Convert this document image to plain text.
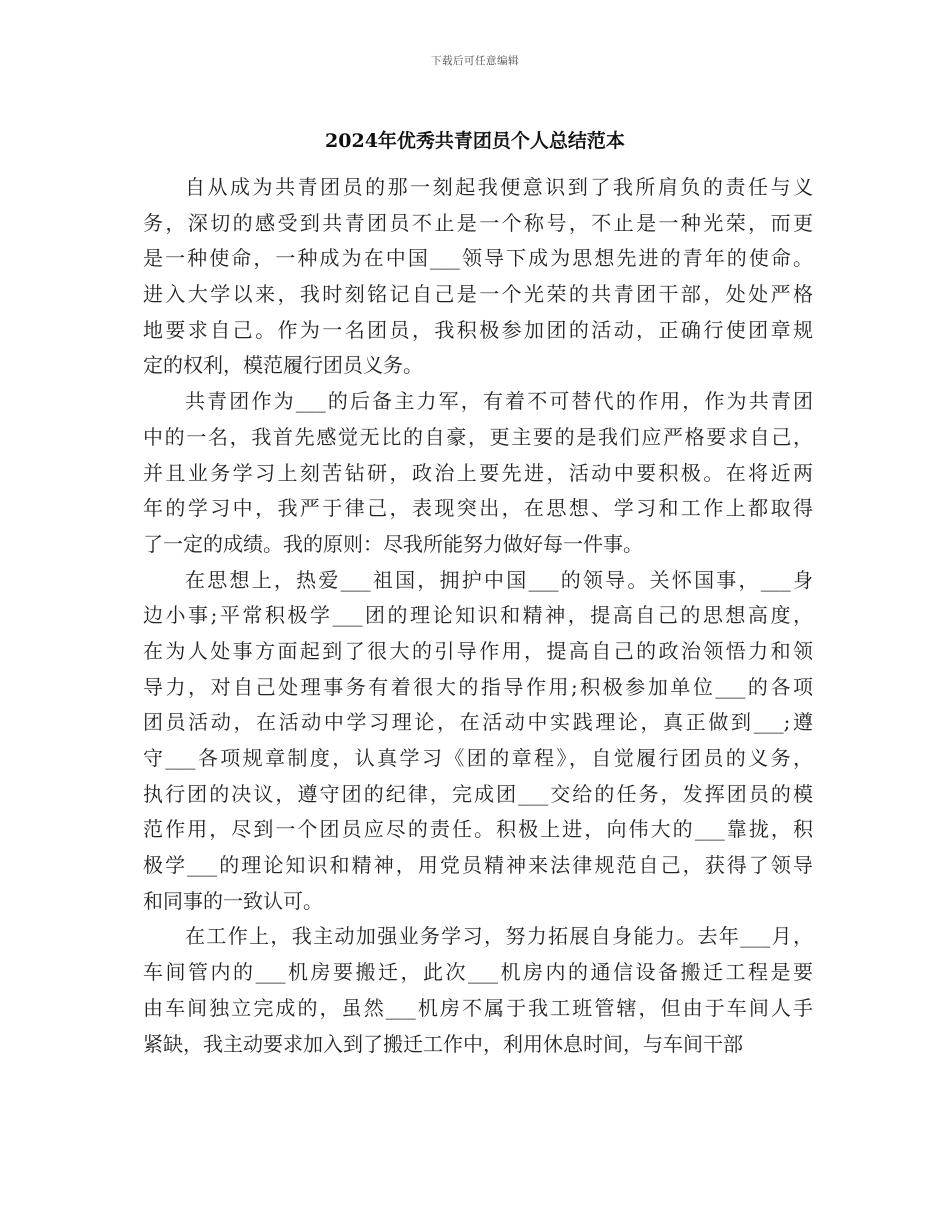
下载后可任意编辑
2024年优秀共青团员个人总结范本
自从成为共青团员的那一刻起我便意识到了我所肩负的责任与义
务，深切的感受到共青团员不止是一个称号，不止是一种光荣，而更
是一种使命，一种成为在中国___领导下成为思想先进的青年的使命。
进入大学以来，我时刻铭记自己是一个光荣的共青团干部，处处严格
地要求自己。作为一名团员，我积极参加团的活动，正确行使团章规
定的权利，模范履行团员义务。
共青团作为___的后备主力军，有着不可替代的作用，作为共青团
中的一名，我首先感觉无比的自豪，更主要的是我们应严格要求自己，
并且业务学习上刻苦钻研，政治上要先进，活动中要积极。在将近两
年的学习中，我严于律己，表现突出，在思想、学习和工作上都取得
了一定的成绩。我的原则：尽我所能努力做好每一件事。
在思想上，热爱___祖国，拥护中国___的领导。关怀国事，___身
边小事;平常积极学___团的理论知识和精神，提高自己的思想高度，
在为人处事方面起到了很大的引导作用，提高自己的政治领悟力和领
导力，对自己处理事务有着很大的指导作用;积极参加单位___的各项
团员活动，在活动中学习理论，在活动中实践理论，真正做到___;遵
守___各项规章制度，认真学习《团的章程》，自觉履行团员的义务，
执行团的决议，遵守团的纪律，完成团___交给的任务，发挥团员的模
范作用，尽到一个团员应尽的责任。积极上进，向伟大的___靠拢，积
极学___的理论知识和精神，用党员精神来法律规范自己，获得了领导
和同事的一致认可。
在工作上，我主动加强业务学习，努力拓展自身能力。去年___月，
车间管内的___机房要搬迁，此次___机房内的通信设备搬迁工程是要
由车间独立完成的，虽然___机房不属于我工班管辖，但由于车间人手
紧缺，我主动要求加入到了搬迁工作中，利用休息时间，与车间干部
